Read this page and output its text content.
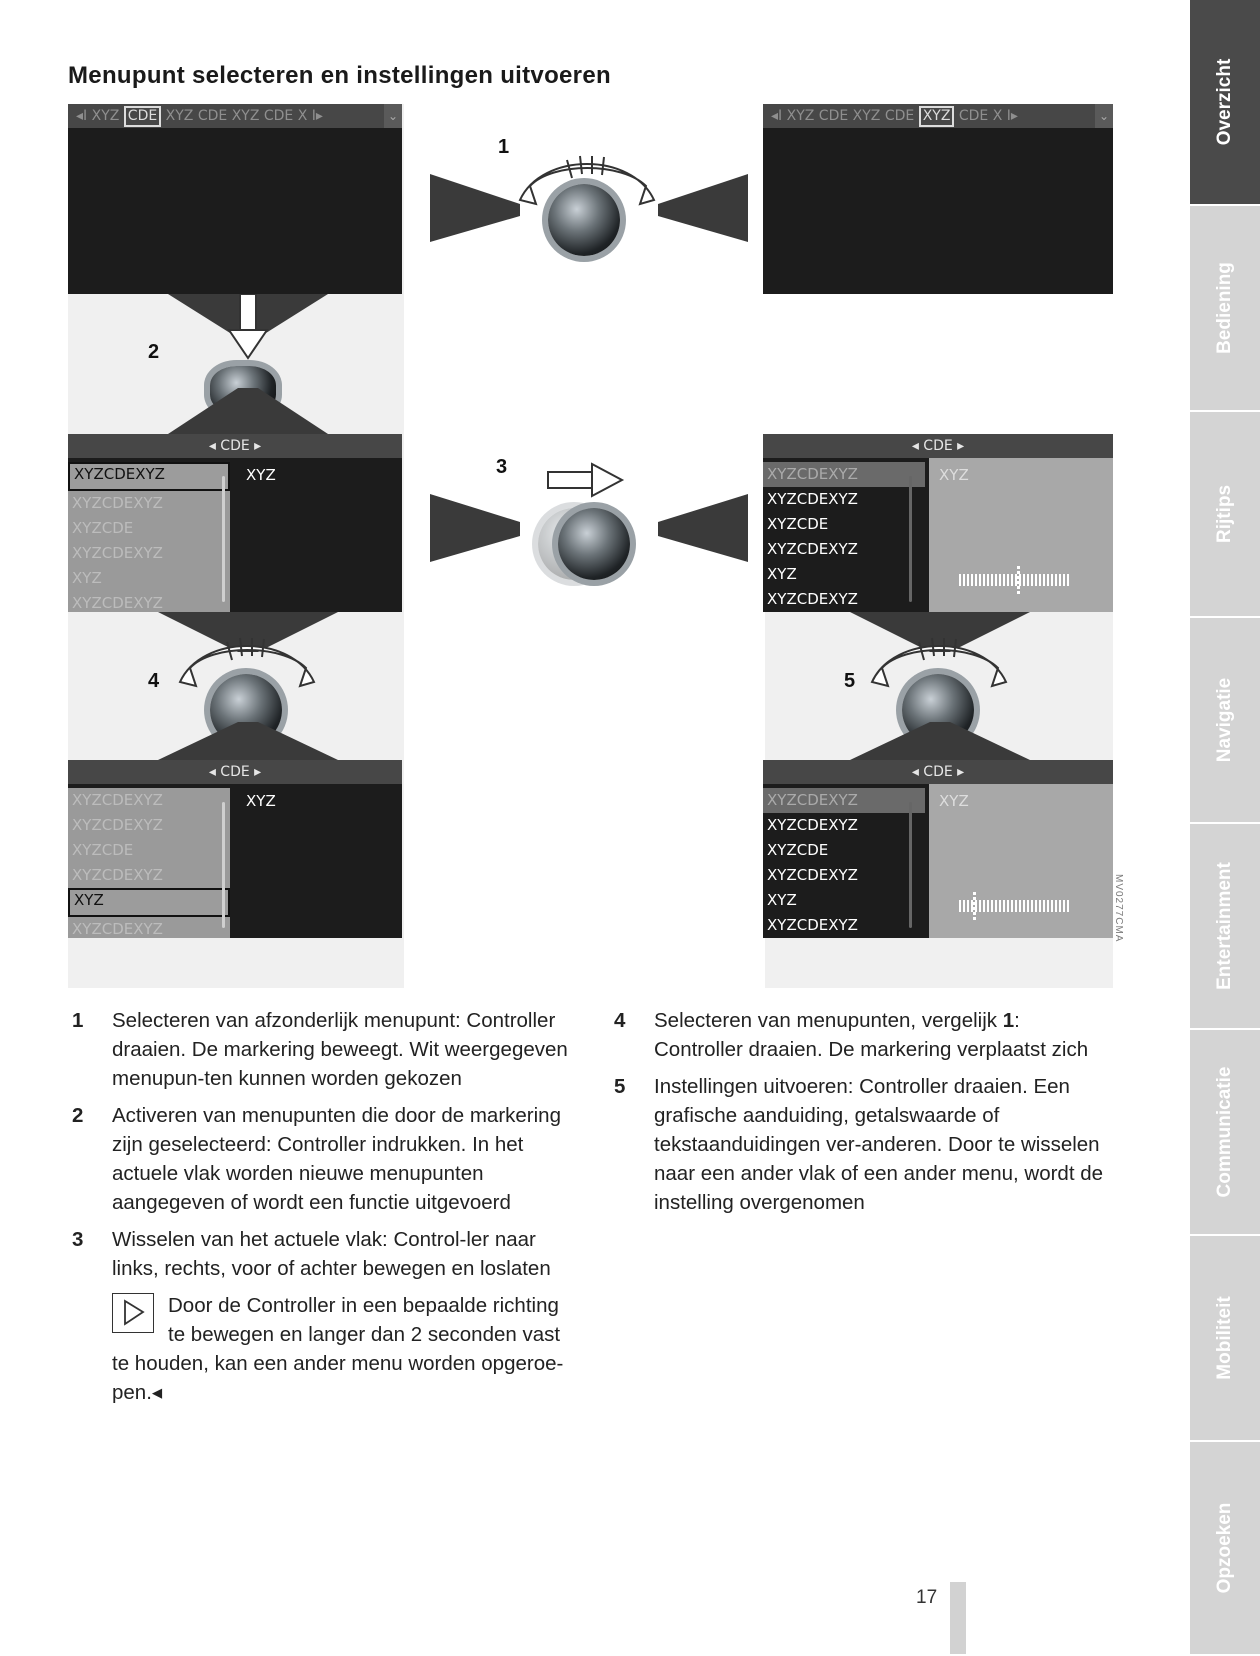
Menupunt selecteren en instellingen uitvoeren
◂I XYZ CDE XYZ CDE XYZ CDE X I▸	⌄	◂I XYZ CDE XYZ CDE XYZ CDE X I▸	⌄
1
2
◂ CDE ▸
XYZCDEXYZ
XYZCDEXYZ
XYZCDE
XYZCDEXYZ
XYZ
XYZCDEXYZ
XYZ	3
◂ CDE ▸
XYZCDEXYZ
XYZCDEXYZ
XYZCDE
XYZCDEXYZ
XYZ
XYZCDEXYZ
XYZ
4	5
◂ CDE ▸
XYZCDEXYZ
XYZCDEXYZ
XYZCDE
XYZCDEXYZ
XYZ
XYZCDEXYZ
XYZ
◂ CDE ▸
XYZCDEXYZ
XYZCDEXYZ
XYZCDE
XYZCDEXYZ
XYZ
XYZCDEXYZ
XYZ
MV0277CMA
1 Selecteren van afzonderlijk menupunt: Controller draaien. De markering beweegt. Wit weergegeven menupun-ten kunnen worden gekozen
2 Activeren van menupunten die door de markering zijn geselecteerd: Controller indrukken. In het actuele vlak worden nieuwe menupunten aangegeven of wordt een functie uitgevoerd
3 Wisselen van het actuele vlak: Control-ler naar links, rechts, voor of achter bewegen en loslaten
Door de Controller in een bepaalde richting te bewegen en langer dan 2 seconden vast te houden, kan een ander menu worden opgeroe-pen.◂
4 Selecteren van menupunten, vergelijk 1: Controller draaien. De markering verplaatst zich
5 Instellingen uitvoeren: Controller draaien. Een grafische aanduiding, getalswaarde of tekstaanduidingen ver-anderen. Door te wisselen naar een ander vlak of een ander menu, wordt de instelling overgenomen
Overzicht
Bediening
Rijtips
Navigatie
Entertainment
Communicatie
Mobiliteit
Opzoeken
17
